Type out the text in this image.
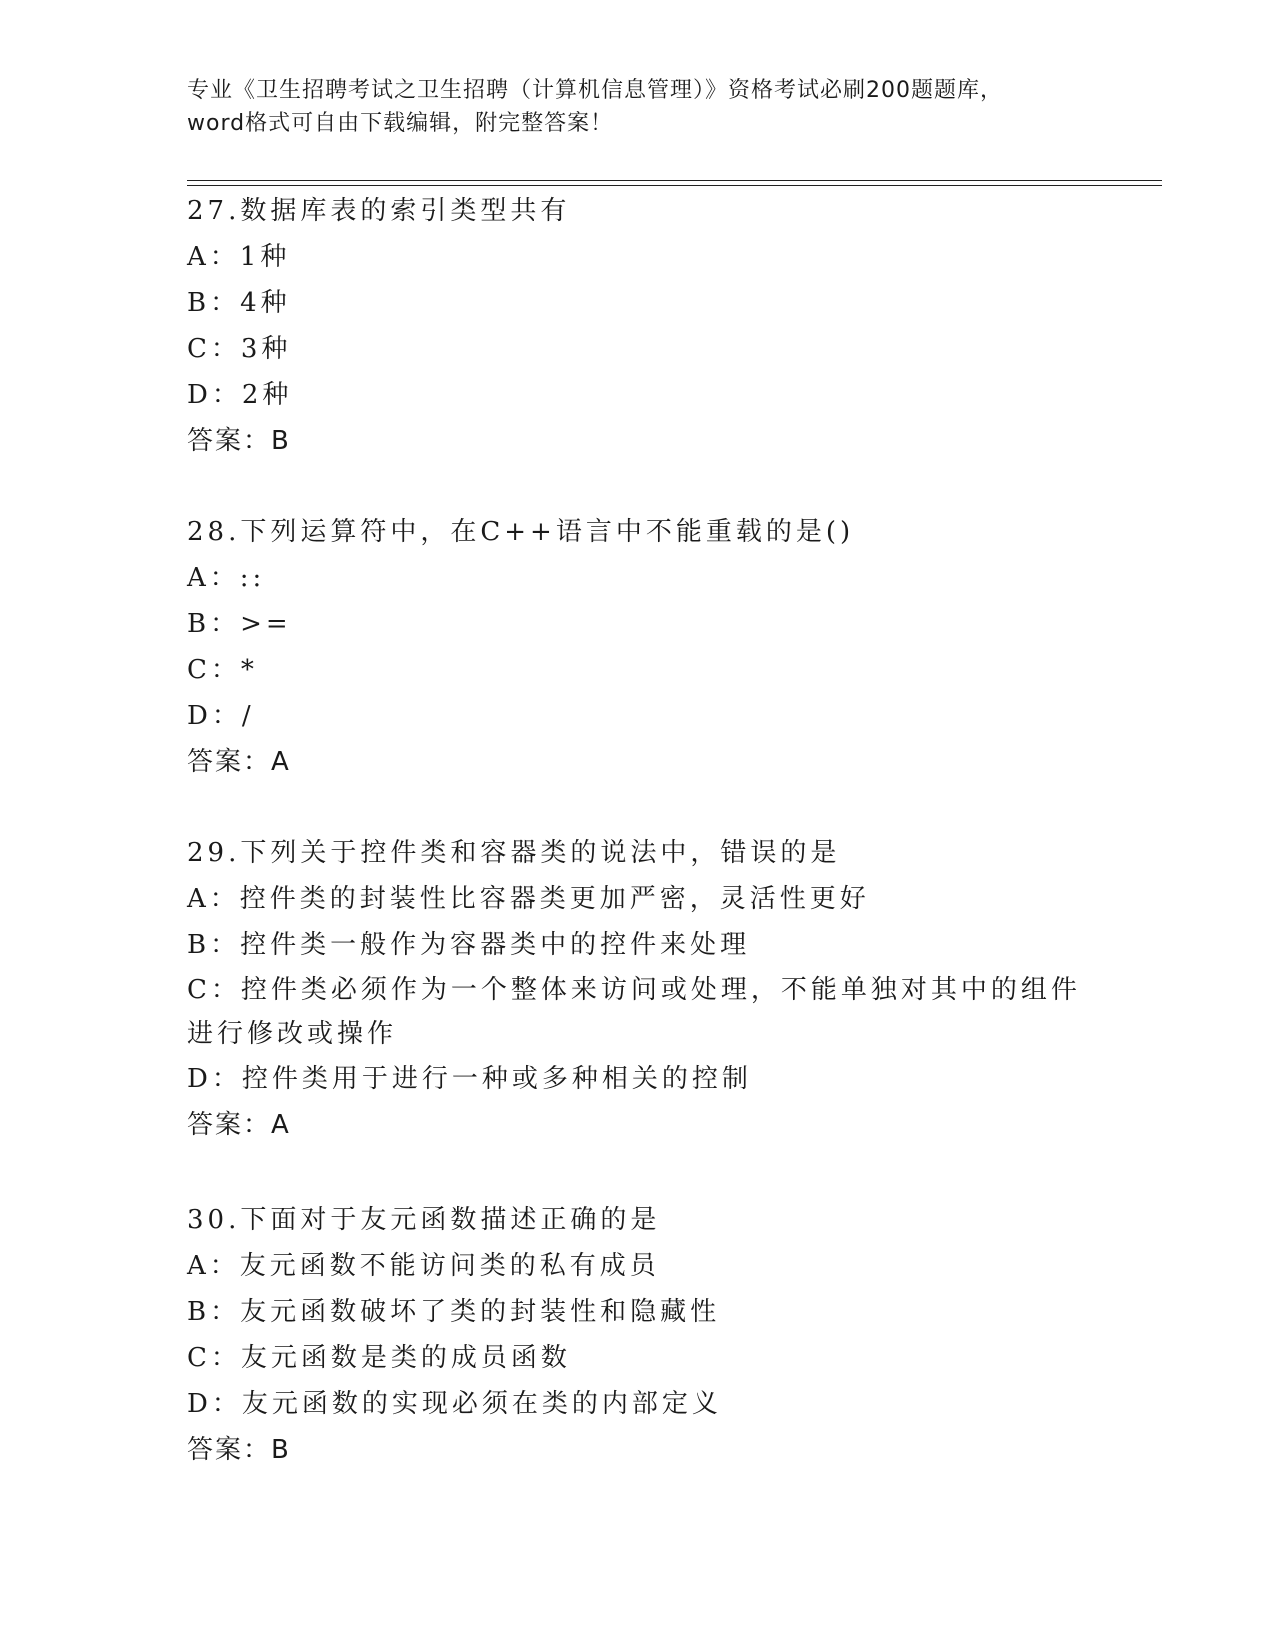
专业《卫生招聘考试之卫生招聘（计算机信息管理）》资格考试必刷200题题库，
word格式可自由下载编辑，附完整答案！
27.数据库表的索引类型共有
A：1种
B：4种
C：3种
D：2种
答案：B
28.下列运算符中，在C++语言中不能重载的是()
A：::
B：>=
C：*
D：/
答案：A
29.下列关于控件类和容器类的说法中，错误的是
A：控件类的封装性比容器类更加严密，灵活性更好
B：控件类一般作为容器类中的控件来处理
C：控件类必须作为一个整体来访问或处理，不能单独对其中的组件进行修改或操作
D：控件类用于进行一种或多种相关的控制
答案：A
30.下面对于友元函数描述正确的是
A：友元函数不能访问类的私有成员
B：友元函数破坏了类的封装性和隐藏性
C：友元函数是类的成员函数
D：友元函数的实现必须在类的内部定义
答案：B
